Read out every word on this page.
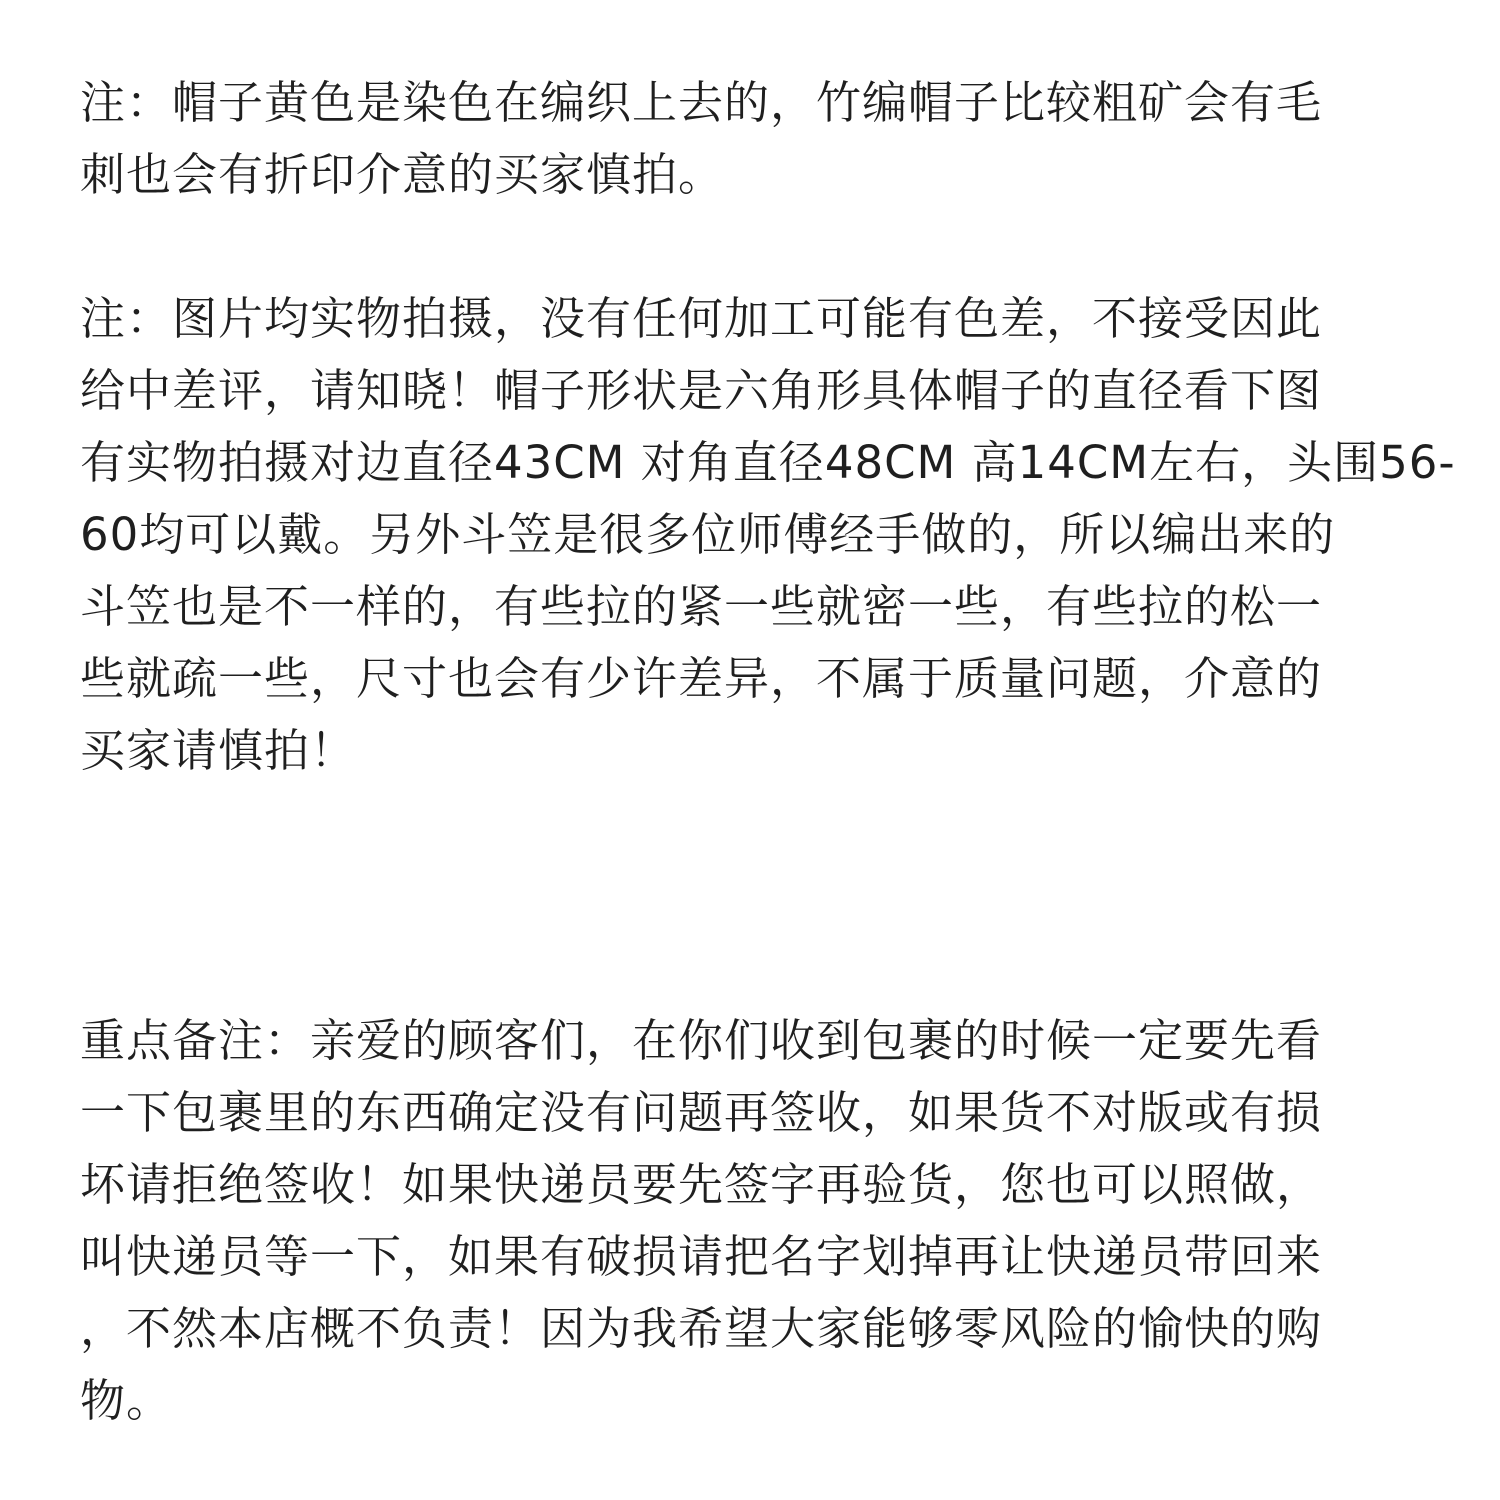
注：帽子黄色是染色在编织上去的，竹编帽子比较粗矿会有毛
刺也会有折印介意的买家慎拍。
注：图片均实物拍摄，没有任何加工可能有色差，不接受因此
给中差评，请知晓！帽子形状是六角形具体帽子的直径看下图
有实物拍摄对边直径43CM 对角直径48CM 高14CM左右，头围56-
60均可以戴。另外斗笠是很多位师傅经手做的，所以编出来的
斗笠也是不一样的，有些拉的紧一些就密一些，有些拉的松一
些就疏一些，尺寸也会有少许差异，不属于质量问题，介意的
买家请慎拍！
重点备注：亲爱的顾客们，在你们收到包裹的时候一定要先看
一下包裹里的东西确定没有问题再签收，如果货不对版或有损
坏请拒绝签收！如果快递员要先签字再验货，您也可以照做，
叫快递员等一下，如果有破损请把名字划掉再让快递员带回来
，不然本店概不负责！因为我希望大家能够零风险的愉快的购
物。
